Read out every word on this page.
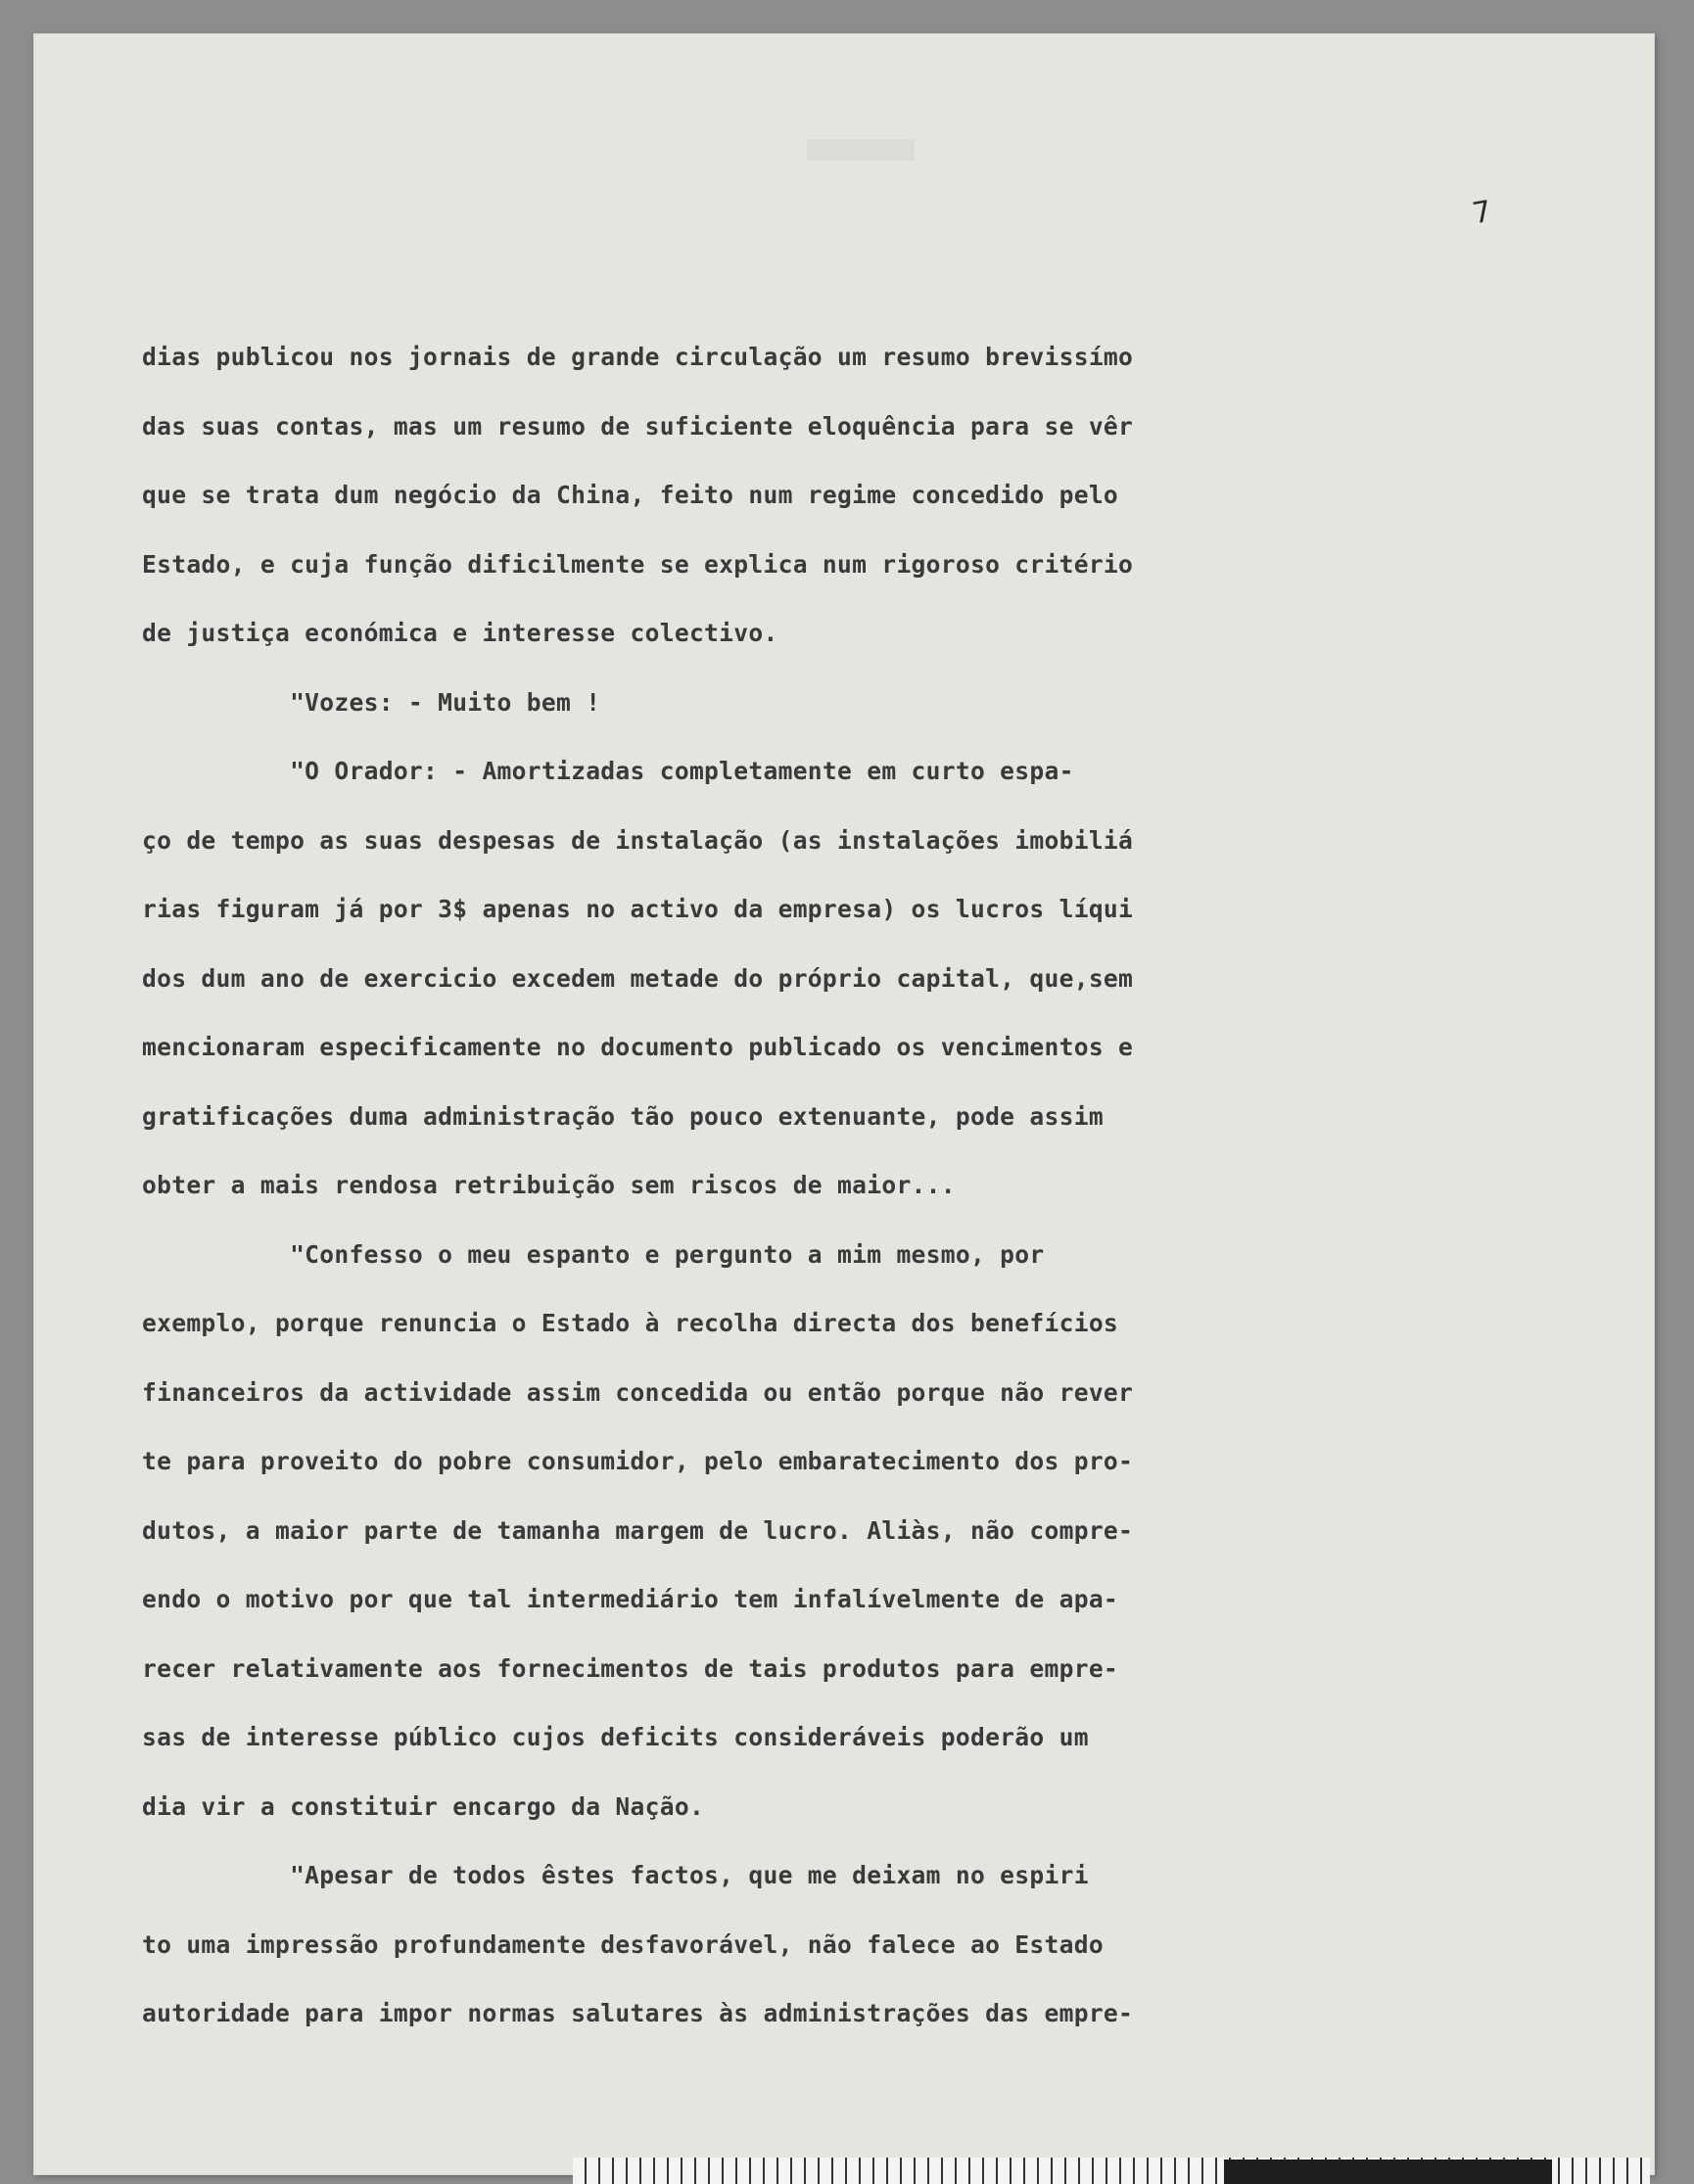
7
dias publicou nos jornais de grande circulação um resumo brevissímo
das suas contas, mas um resumo de suficiente eloquência para se vêr
que se trata dum negócio da China, feito num regime concedido pelo
Estado, e cuja função dificilmente se explica num rigoroso critério
de justiça económica e interesse colectivo.
"Vozes: - Muito bem !
"O Orador: - Amortizadas completamente em curto espa-
ço de tempo as suas despesas de instalação (as instalações imobiliá
rias figuram já por 3$ apenas no activo da empresa) os lucros líqui
dos dum ano de exercicio excedem metade do próprio capital, que,sem
mencionaram especificamente no documento publicado os vencimentos e
gratificações duma administração tão pouco extenuante, pode assim
obter a mais rendosa retribuição sem riscos de maior...
"Confesso o meu espanto e pergunto a mim mesmo, por
exemplo, porque renuncia o Estado à recolha directa dos benefícios
financeiros da actividade assim concedida ou então porque não rever
te para proveito do pobre consumidor, pelo embaratecimento dos pro-
dutos, a maior parte de tamanha margem de lucro. Aliàs, não compre-
endo o motivo por que tal intermediário tem infalívelmente de apa-
recer relativamente aos fornecimentos de tais produtos para empre-
sas de interesse público cujos deficits consideráveis poderão um
dia vir a constituir encargo da Nação.
"Apesar de todos êstes factos, que me deixam no espiri
to uma impressão profundamente desfavorável, não falece ao Estado
autoridade para impor normas salutares às administrações das empre-
